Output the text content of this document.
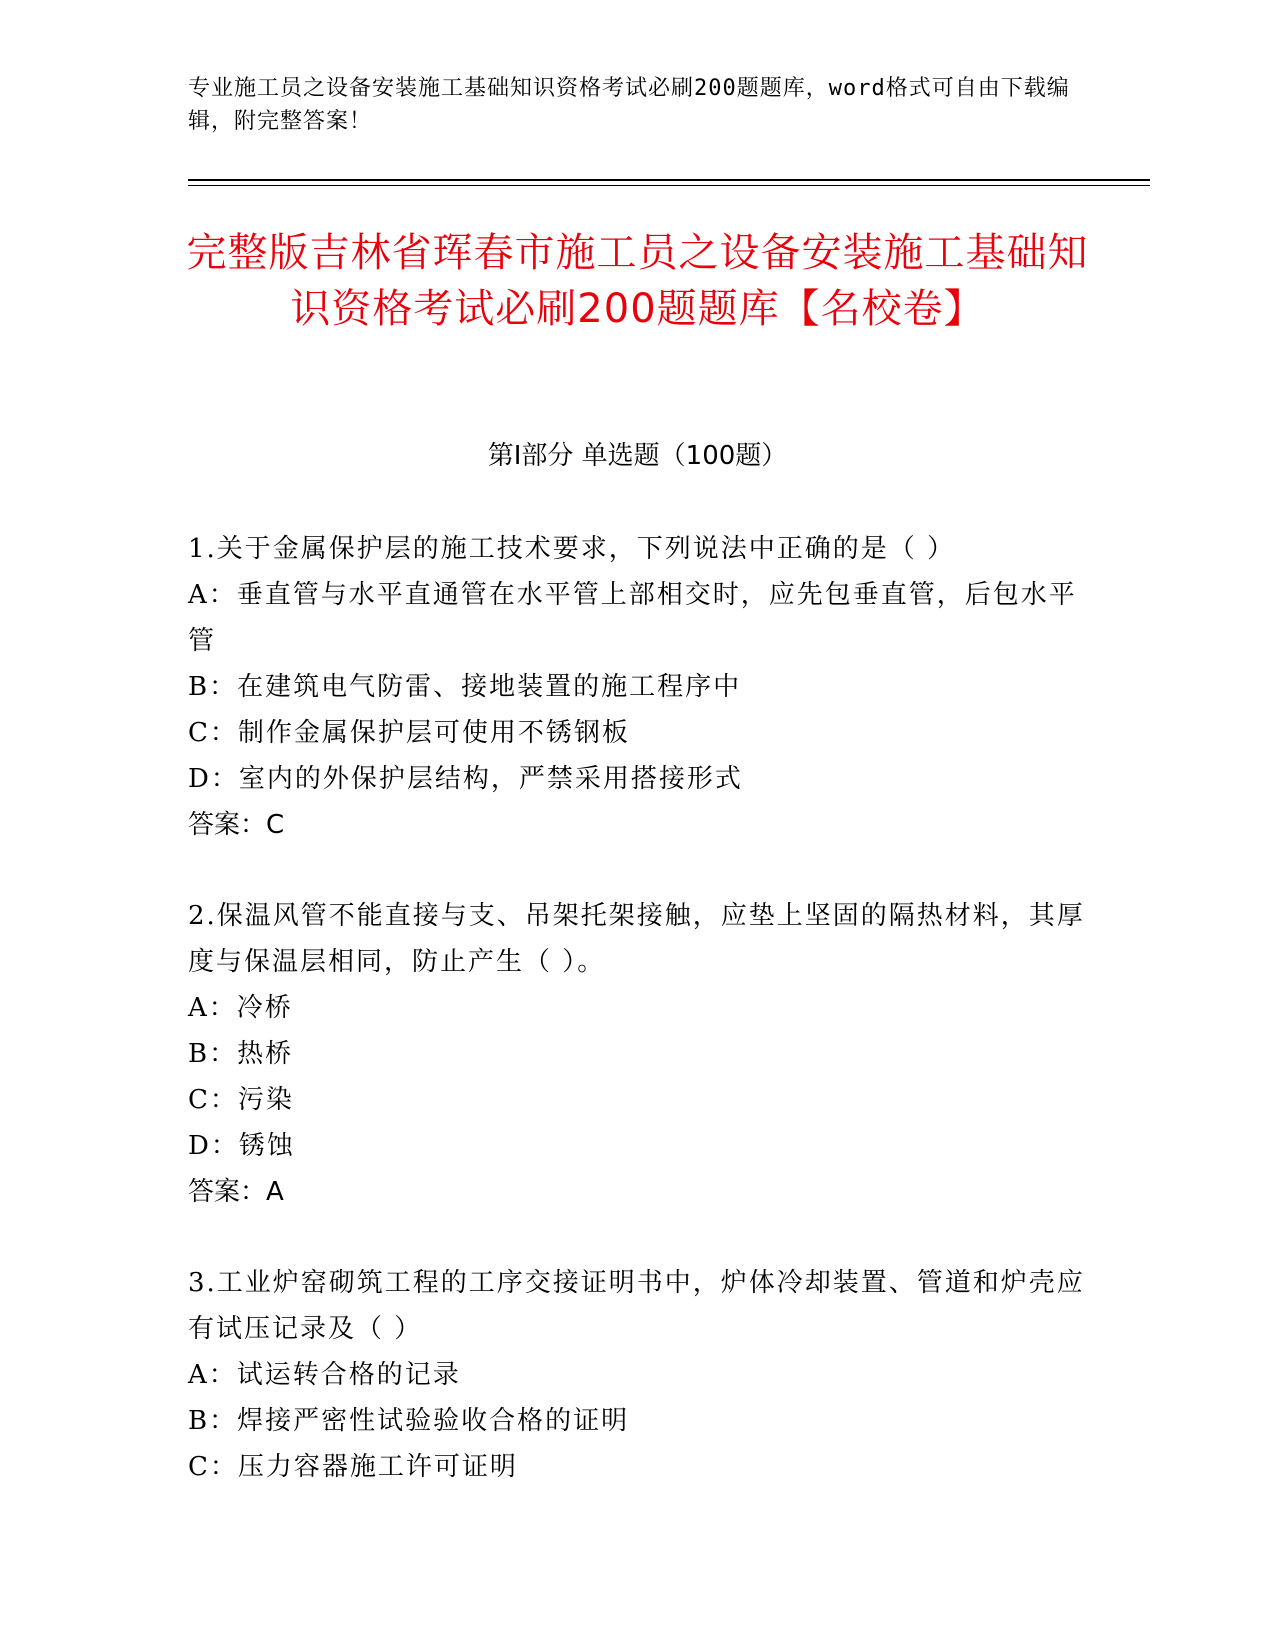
专业施工员之设备安装施工基础知识资格考试必刷200题题库，word格式可自由下载编辑，附完整答案！
完整版吉林省珲春市施工员之设备安装施工基础知识资格考试必刷200题题库【名校卷】
第Ⅰ部分 单选题（100题）
1.关于金属保护层的施工技术要求，下列说法中正确的是（ ）
A：垂直管与水平直通管在水平管上部相交时，应先包垂直管，后包水平管
B：在建筑电气防雷、接地装置的施工程序中
C：制作金属保护层可使用不锈钢板
D：室内的外保护层结构，严禁采用搭接形式
答案：C
2.保温风管不能直接与支、吊架托架接触，应垫上坚固的隔热材料，其厚度与保温层相同，防止产生（ ）。
A：冷桥
B：热桥
C：污染
D：锈蚀
答案：A
3.工业炉窑砌筑工程的工序交接证明书中，炉体冷却装置、管道和炉壳应有试压记录及（ ）
A：试运转合格的记录
B：焊接严密性试验验收合格的证明
C：压力容器施工许可证明
